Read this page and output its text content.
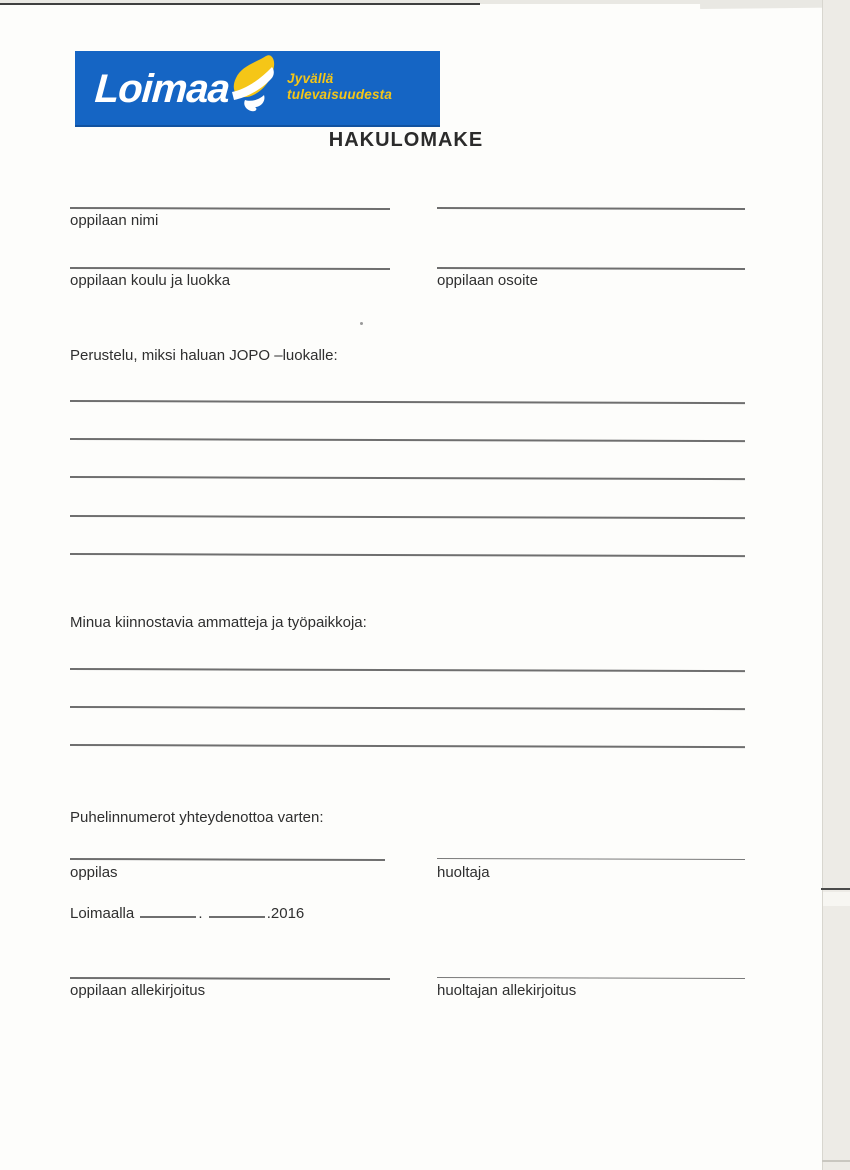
Loimaa	Jyvällä
tulevaisuudesta
HAKULOMAKE
oppilaan nimi
oppilaan koulu ja luokka	oppilaan osoite
Perustelu, miksi haluan JOPO –luokalle:
Minua kiinnostavia ammatteja ja työpaikkoja:
Puhelinnumerot yhteydenottoa varten:
oppilas	huoltaja
Loimaalla	.	.2016
oppilaan allekirjoitus	huoltajan allekirjoitus
